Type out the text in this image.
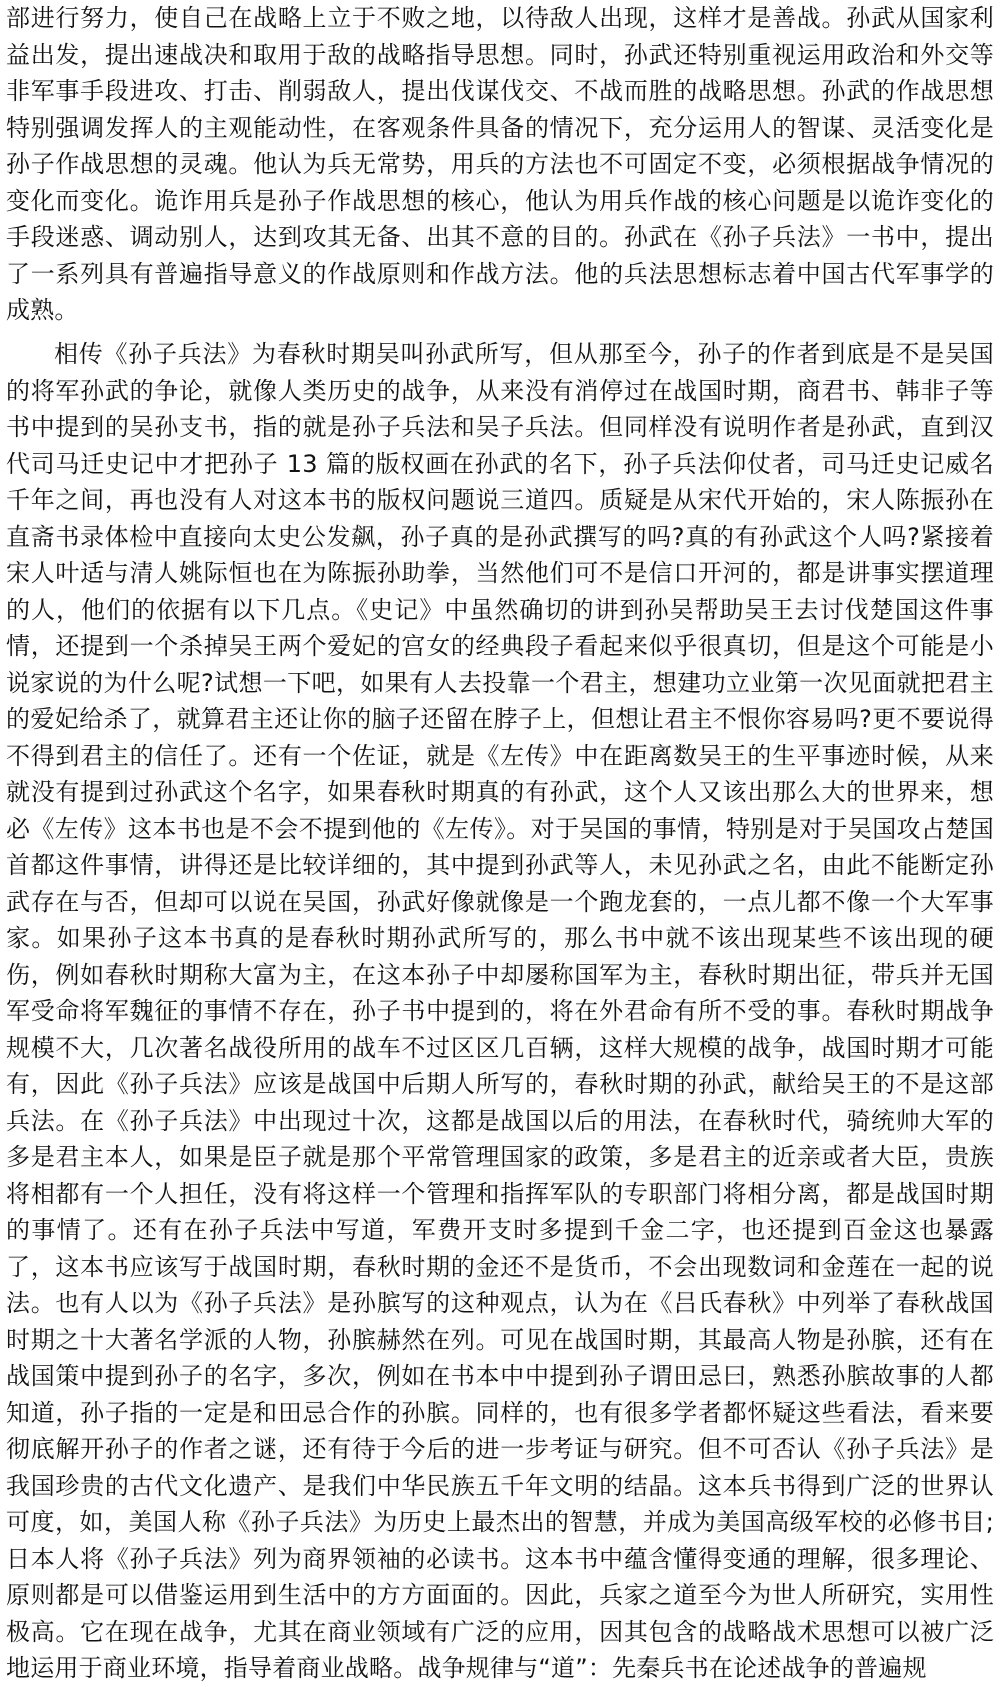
部进行努力，使自己在战略上立于不败之地，以待敌人出现，这样才是善战。孙武从国家利益出发，提出速战决和取用于敌的战略指导思想。同时，孙武还特别重视运用政治和外交等非军事手段进攻、打击、削弱敌人，提出伐谋伐交、不战而胜的战略思想。孙武的作战思想特别强调发挥人的主观能动性，在客观条件具备的情况下，充分运用人的智谋、灵活变化是孙子作战思想的灵魂。他认为兵无常势，用兵的方法也不可固定不变，必须根据战争情况的变化而变化。诡诈用兵是孙子作战思想的核心，他认为用兵作战的核心问题是以诡诈变化的手段迷惑、调动别人，达到攻其无备、出其不意的目的。孙武在《孙子兵法》一书中，提出了一系列具有普遍指导意义的作战原则和作战方法。他的兵法思想标志着中国古代军事学的成熟。

相传《孙子兵法》为春秋时期吴叫孙武所写，但从那至今，孙子的作者到底是不是吴国的将军孙武的争论，就像人类历史的战争，从来没有消停过在战国时期，商君书、韩非子等书中提到的吴孙支书，指的就是孙子兵法和吴子兵法。但同样没有说明作者是孙武，直到汉代司马迁史记中才把孙子 13 篇的版权画在孙武的名下，孙子兵法仰仗者，司马迁史记威名千年之间，再也没有人对这本书的版权问题说三道四。质疑是从宋代开始的，宋人陈振孙在直斋书录体检中直接向太史公发飙，孙子真的是孙武撰写的吗?真的有孙武这个人吗?紧接着宋人叶适与清人姚际恒也在为陈振孙助拳，当然他们可不是信口开河的，都是讲事实摆道理的人，他们的依据有以下几点。《史记》中虽然确切的讲到孙吴帮助吴王去讨伐楚国这件事情，还提到一个杀掉吴王两个爱妃的宫女的经典段子看起来似乎很真切，但是这个可能是小说家说的为什么呢?试想一下吧，如果有人去投靠一个君主，想建功立业第一次见面就把君主的爱妃给杀了，就算君主还让你的脑子还留在脖子上，但想让君主不恨你容易吗?更不要说得不得到君主的信任了。还有一个佐证，就是《左传》中在距离数吴王的生平事迹时候，从来就没有提到过孙武这个名字，如果春秋时期真的有孙武，这个人又该出那么大的世界来，想必《左传》这本书也是不会不提到他的《左传》。对于吴国的事情，特别是对于吴国攻占楚国首都这件事情，讲得还是比较详细的，其中提到孙武等人，未见孙武之名，由此不能断定孙武存在与否，但却可以说在吴国，孙武好像就像是一个跑龙套的，一点儿都不像一个大军事家。如果孙子这本书真的是春秋时期孙武所写的，那么书中就不该出现某些不该出现的硬伤，例如春秋时期称大富为主，在这本孙子中却屡称国军为主，春秋时期出征，带兵并无国军受命将军魏征的事情不存在，孙子书中提到的，将在外君命有所不受的事。春秋时期战争规模不大，几次著名战役所用的战车不过区区几百辆，这样大规模的战争，战国时期才可能有，因此《孙子兵法》应该是战国中后期人所写的，春秋时期的孙武，献给吴王的不是这部兵法。在《孙子兵法》中出现过十次，这都是战国以后的用法，在春秋时代，骑统帅大军的多是君主本人，如果是臣子就是那个平常管理国家的政策，多是君主的近亲或者大臣，贵族将相都有一个人担任，没有将这样一个管理和指挥军队的专职部门将相分离，都是战国时期的事情了。还有在孙子兵法中写道，军费开支时多提到千金二字，也还提到百金这也暴露了，这本书应该写于战国时期，春秋时期的金还不是货币，不会出现数词和金莲在一起的说法。也有人以为《孙子兵法》是孙膑写的这种观点，认为在《吕氏春秋》中列举了春秋战国时期之十大著名学派的人物，孙膑赫然在列。可见在战国时期，其最高人物是孙膑，还有在战国策中提到孙子的名字，多次，例如在书本中中提到孙子谓田忌曰，熟悉孙膑故事的人都知道，孙子指的一定是和田忌合作的孙膑。同样的，也有很多学者都怀疑这些看法，看来要彻底解开孙子的作者之谜，还有待于今后的进一步考证与研究。但不可否认《孙子兵法》是我国珍贵的古代文化遗产、是我们中华民族五千年文明的结晶。这本兵书得到广泛的世界认可度，如，美国人称《孙子兵法》为历史上最杰出的智慧，并成为美国高级军校的必修书目;日本人将《孙子兵法》列为商界领袖的必读书。这本书中蕴含懂得变通的理解，很多理论、原则都是可以借鉴运用到生活中的方方面面的。因此，兵家之道至今为世人所研究，实用性极高。它在现在战争，尤其在商业领域有广泛的应用，因其包含的战略战术思想可以被广泛地运用于商业环境，指导着商业战略。战争规律与“道”：先秦兵书在论述战争的普遍规
